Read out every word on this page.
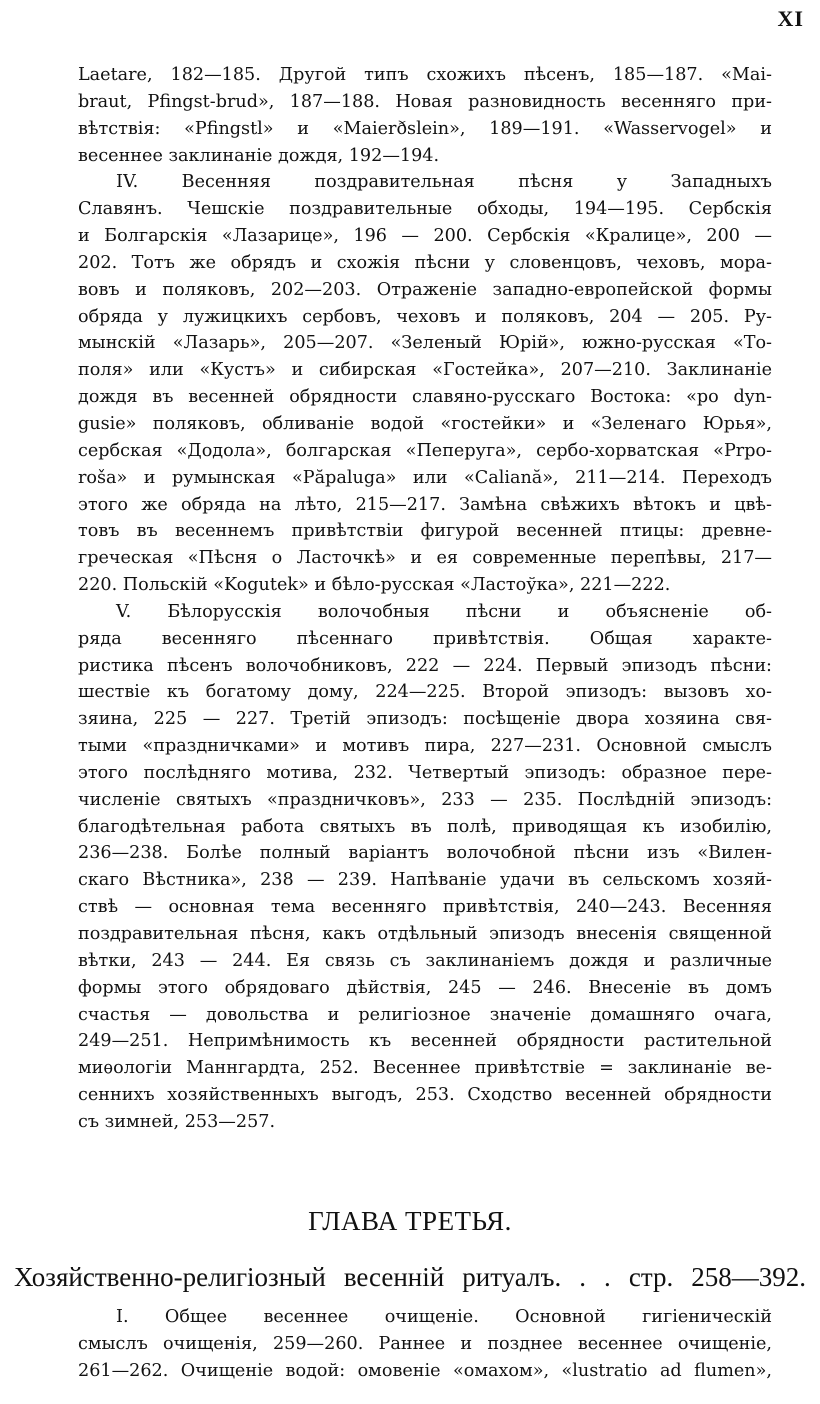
XI
Laetare, 182—185. Другой типъ схожихъ пѣсенъ, 185—187. «Mai-
braut, Pfingst-brud», 187—188. Новая разновидность весенняго при-
вѣтствія: «Pfingstl» и «Maierðslein», 189—191. «Wasservogel» и
весеннее заклинаніе дождя, 192—194.
IV. Весенняя поздравительная пѣсня у Западныхъ
Славянъ. Чешскіе поздравительные обходы, 194—195. Сербскія
и Болгарскія «Лазарице», 196 — 200. Сербскія «Кралице», 200 —
202. Тотъ же обрядъ и схожія пѣсни у словенцовъ, чеховъ, мора-
вовъ и поляковъ, 202—203. Отраженіе западно-европейской формы
обряда у лужицкихъ сербовъ, чеховъ и поляковъ, 204 — 205. Ру-
мынскій «Лазарь», 205—207. «Зеленый Юрій», южно-русская «То-
поля» или «Кустъ» и сибирская «Гостейка», 207—210. Заклинаніе
дождя въ весенней обрядности славяно-русскаго Востока: «po dyn-
gusie» поляковъ, обливаніе водой «гостейки» и «Зеленаго Юрья»,
сербская «Додола», болгарская «Пеперуга», сербо-хорватская «Prpo-
roša» и румынская «Păpaluga» или «Caliană», 211—214. Переходъ
этого же обряда на лѣто, 215—217. Замѣна свѣжихъ вѣтокъ и цвѣ-
товъ въ весеннемъ привѣтствіи фигурой весенней птицы: древне-
греческая «Пѣсня о Ласточкѣ» и ея современные перепѣвы, 217—
220. Польскій «Kogutek» и бѣло-русская «Ластоўка», 221—222.
V. Бѣлорусскія волочобныя пѣсни и объясненіе об-
ряда весенняго пѣсеннаго привѣтствія. Общая характе-
ристика пѣсенъ волочобниковъ, 222 — 224. Первый эпизодъ пѣсни:
шествіе къ богатому дому, 224—225. Второй эпизодъ: вызовъ хо-
зяина, 225 — 227. Третій эпизодъ: посѣщеніе двора хозяина свя-
тыми «праздничками» и мотивъ пира, 227—231. Основной смыслъ
этого послѣдняго мотива, 232. Четвертый эпизодъ: образное пере-
численіе святыхъ «праздничковъ», 233 — 235. Послѣдній эпизодъ:
благодѣтельная работа святыхъ въ полѣ, приводящая къ изобилію,
236—238. Болѣе полный варіантъ волочобной пѣсни изъ «Вилен-
скаго Вѣстника», 238 — 239. Напѣваніе удачи въ сельскомъ хозяй-
ствѣ — основная тема весенняго привѣтствія, 240—243. Весенняя
поздравительная пѣсня, какъ отдѣльный эпизодъ внесенія священной
вѣтки, 243 — 244. Ея связь съ заклинаніемъ дождя и различные
формы этого обрядоваго дѣйствія, 245 — 246. Внесеніе въ домъ
счастья — довольства и религіозное значеніе домашняго очага,
249—251. Непримѣнимость къ весенней обрядности растительной
миѳологіи Маннгардта, 252. Весеннее привѣтствіе = заклинаніе ве-
сеннихъ хозяйственныхъ выгодъ, 253. Сходство весенней обрядности
съ зимней, 253—257.
ГЛАВА ТРЕТЬЯ.
Хозяйственно-религіозный весенній ритуалъ. . . стр. 258—392.
I. Общее весеннее очищеніе. Основной гигіеническій
смыслъ очищенія, 259—260. Раннее и позднее весеннее очищеніе,
261—262. Очищеніе водой: омовеніе «омахом», «lustratio ad flumen»,
